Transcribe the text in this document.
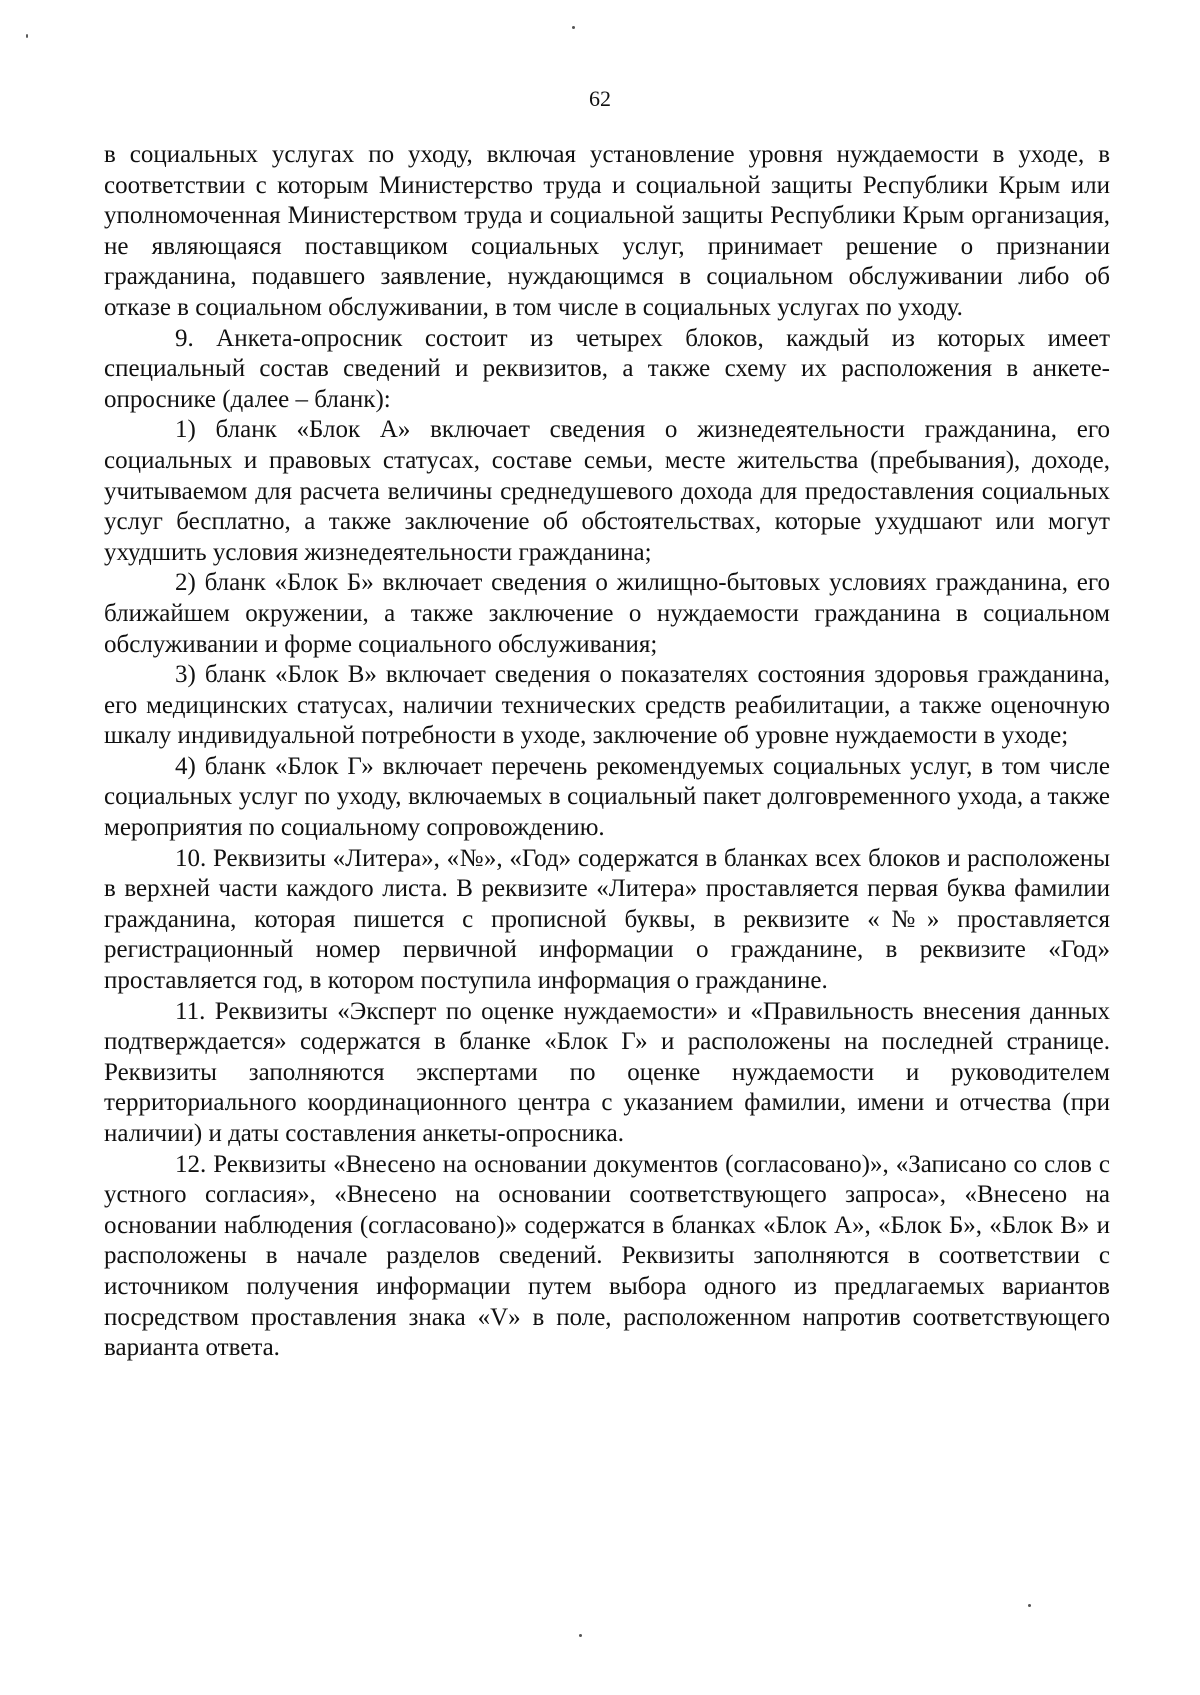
62

в социальных услугах по уходу, включая установление уровня нуждаемости в уходе, в соответствии с которым Министерство труда и социальной защиты Республики Крым или уполномоченная Министерством труда и социальной защиты Республики Крым организация, не являющаяся поставщиком социальных услуг, принимает решение о признании гражданина, подавшего заявление, нуждающимся в социальном обслуживании либо об отказе в социальном обслуживании, в том числе в социальных услугах по уходу.

9. Анкета-опросник состоит из четырех блоков, каждый из которых имеет специальный состав сведений и реквизитов, а также схему их расположения в анкете-опроснике (далее – бланк):

1) бланк «Блок А» включает сведения о жизнедеятельности гражданина, его социальных и правовых статусах, составе семьи, месте жительства (пребывания), доходе, учитываемом для расчета величины среднедушевого дохода для предоставления социальных услуг бесплатно, а также заключение об обстоятельствах, которые ухудшают или могут ухудшить условия жизнедеятельности гражданина;

2) бланк «Блок Б» включает сведения о жилищно-бытовых условиях гражданина, его ближайшем окружении, а также заключение о нуждаемости гражданина в социальном обслуживании и форме социального обслуживания;

3) бланк «Блок В» включает сведения о показателях состояния здоровья гражданина, его медицинских статусах, наличии технических средств реабилитации, а также оценочную шкалу индивидуальной потребности в уходе, заключение об уровне нуждаемости в уходе;

4) бланк «Блок Г» включает перечень рекомендуемых социальных услуг, в том числе социальных услуг по уходу, включаемых в социальный пакет долговременного ухода, а также мероприятия по социальному сопровождению.

10. Реквизиты «Литера», «№», «Год» содержатся в бланках всех блоков и расположены в верхней части каждого листа. В реквизите «Литера» проставляется первая буква фамилии гражданина, которая пишется с прописной буквы, в реквизите «№» проставляется регистрационный номер первичной информации о гражданине, в реквизите «Год» проставляется год, в котором поступила информация о гражданине.

11. Реквизиты «Эксперт по оценке нуждаемости» и «Правильность внесения данных подтверждается» содержатся в бланке «Блок Г» и расположены на последней странице. Реквизиты заполняются экспертами по оценке нуждаемости и руководителем территориального координационного центра с указанием фамилии, имени и отчества (при наличии) и даты составления анкеты-опросника.

12. Реквизиты «Внесено на основании документов (согласовано)», «Записано со слов с устного согласия», «Внесено на основании соответствующего запроса», «Внесено на основании наблюдения (согласовано)» содержатся в бланках «Блок А», «Блок Б», «Блок В» и расположены в начале разделов сведений. Реквизиты заполняются в соответствии с источником получения информации путем выбора одного из предлагаемых вариантов посредством проставления знака «V» в поле, расположенном напротив соответствующего варианта ответа.
